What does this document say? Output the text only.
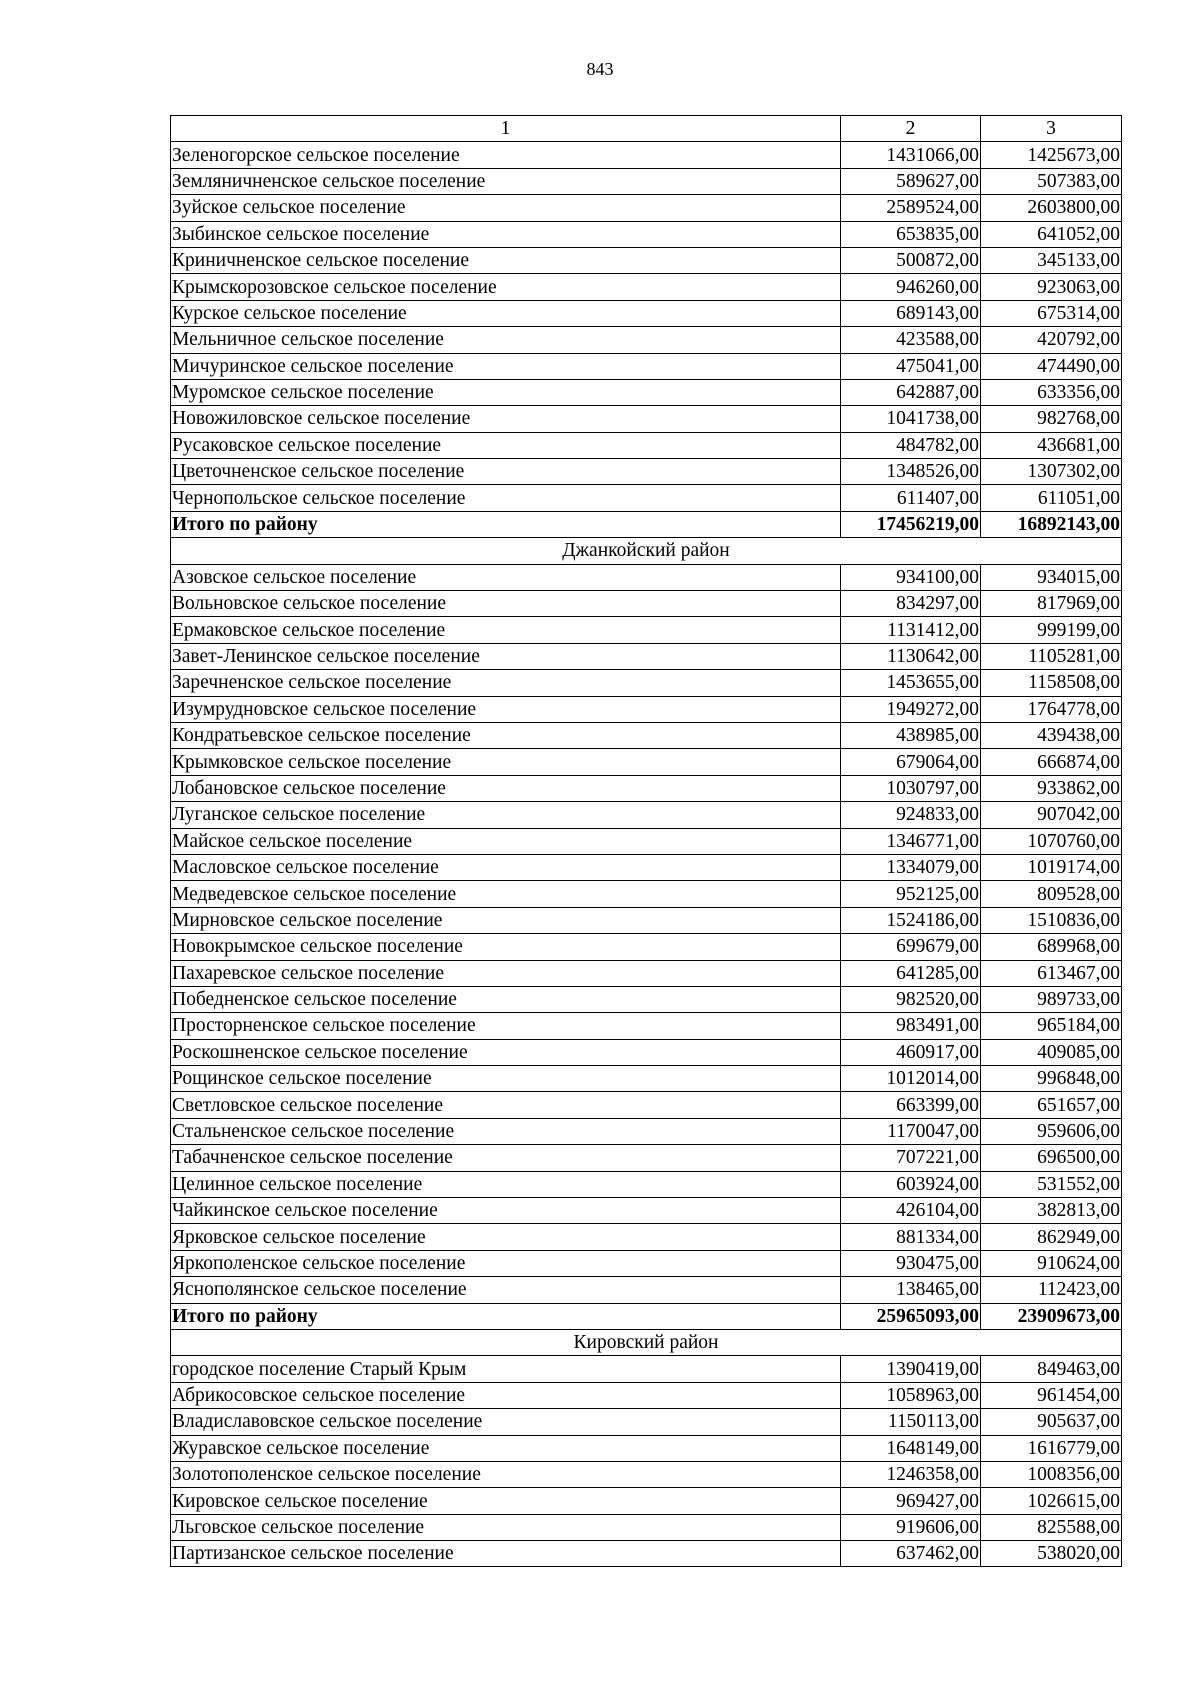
843
1	2	3
Зеленогорское сельское поселение	1431066,00	1425673,00
Земляничненское сельское поселение	589627,00	507383,00
Зуйское сельское поселение	2589524,00	2603800,00
Зыбинское сельское поселение	653835,00	641052,00
Криничненское сельское поселение	500872,00	345133,00
Крымскорозовское сельское поселение	946260,00	923063,00
Курское сельское поселение	689143,00	675314,00
Мельничное сельское поселение	423588,00	420792,00
Мичуринское сельское поселение	475041,00	474490,00
Муромское сельское поселение	642887,00	633356,00
Новожиловское сельское поселение	1041738,00	982768,00
Русаковское сельское поселение	484782,00	436681,00
Цветочненское сельское поселение	1348526,00	1307302,00
Чернопольское сельское поселение	611407,00	611051,00
Итого по району	17456219,00	16892143,00
Джанкойский район		
Азовское сельское поселение	934100,00	934015,00
Вольновское сельское поселение	834297,00	817969,00
Ермаковское сельское поселение	1131412,00	999199,00
Завет-Ленинское сельское поселение	1130642,00	1105281,00
Заречненское сельское поселение	1453655,00	1158508,00
Изумрудновское сельское поселение	1949272,00	1764778,00
Кондратьевское сельское поселение	438985,00	439438,00
Крымковское сельское поселение	679064,00	666874,00
Лобановское сельское поселение	1030797,00	933862,00
Луганское сельское поселение	924833,00	907042,00
Майское сельское поселение	1346771,00	1070760,00
Масловское сельское поселение	1334079,00	1019174,00
Медведевское сельское поселение	952125,00	809528,00
Мирновское сельское поселение	1524186,00	1510836,00
Новокрымское сельское поселение	699679,00	689968,00
Пахаревское сельское поселение	641285,00	613467,00
Победненское сельское поселение	982520,00	989733,00
Просторненское сельское поселение	983491,00	965184,00
Роскошненское сельское поселение	460917,00	409085,00
Рощинское сельское поселение	1012014,00	996848,00
Светловское сельское поселение	663399,00	651657,00
Стальненское сельское поселение	1170047,00	959606,00
Табачненское сельское поселение	707221,00	696500,00
Целинное сельское поселение	603924,00	531552,00
Чайкинское сельское поселение	426104,00	382813,00
Ярковское сельское поселение	881334,00	862949,00
Яркополенское сельское поселение	930475,00	910624,00
Яснополянское сельское поселение	138465,00	112423,00
Итого по району	25965093,00	23909673,00
Кировский район		
городское поселение Старый Крым	1390419,00	849463,00
Абрикосовское сельское поселение	1058963,00	961454,00
Владиславовское сельское поселение	1150113,00	905637,00
Журавское сельское поселение	1648149,00	1616779,00
Золотополенское сельское поселение	1246358,00	1008356,00
Кировское сельское поселение	969427,00	1026615,00
Льговское сельское поселение	919606,00	825588,00
Партизанское сельское поселение	637462,00	538020,00
